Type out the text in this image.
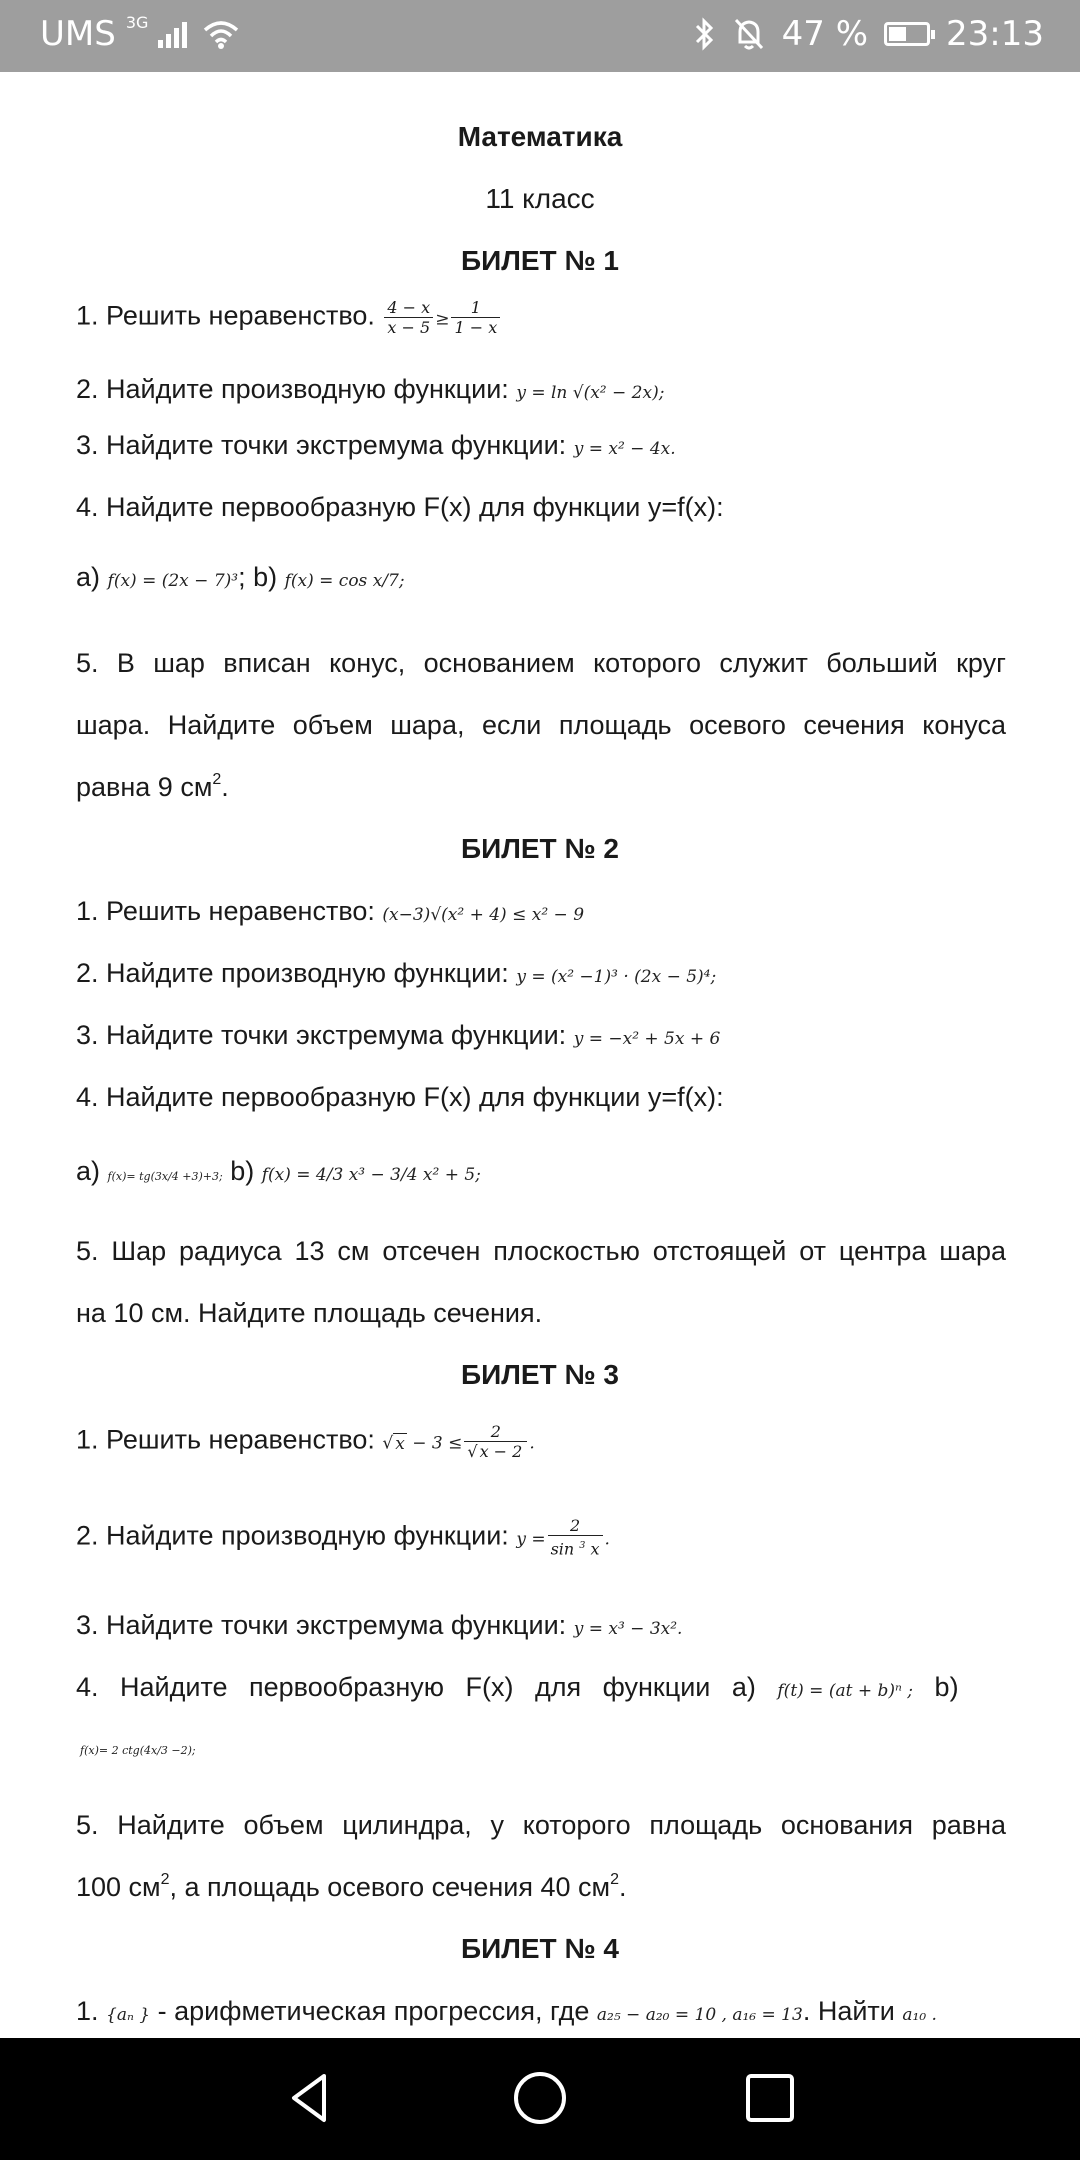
UMS 3G	47 % 23:13
Математика
11 класс
БИЛЕТ № 1
1. Решить неравенство. $\frac{4 - x}{x - 5} \ge \frac{1}{1 - x}$
2. Найдите производную функции: y = ln √(x² − 2x);
3. Найдите точки экстремума функции: y = x² − 4x.
4. Найдите первообразную F(x) для функции y=f(x):
а) f(x) = (2x − 7)³; b) f(x) = cos x/7;
5. В шар вписан конус, основанием которого служит больший круг
шара. Найдите объем шара, если площадь осевого сечения конуса
равна 9 $см^2$.
БИЛЕТ № 2
1. Решить неравенство: (x−3)√(x² + 4) ≤ x² − 9
2. Найдите производную функции: y = (x² −1)³ · (2x − 5)⁴;
3. Найдите точки экстремума функции: y = −x² + 5x + 6
4. Найдите первообразную F(x) для функции y=f(x):
а) f(x)= tg(3x/4 +3)+3; b) f(x) = 4/3 x³ − 3/4 x² + 5;
5. Шар радиуса 13 см отсечен плоскостью отстоящей от центра шара
на 10 см. Найдите площадь сечения.
БИЛЕТ № 3
1. Решить неравенство: √ $x - 3 \le \frac{2}{√ x - 2}$ .
2. Найдите производную функции: $y = \frac{2}{\sin ^3 x}$ .
3. Найдите точки экстремума функции: y = x³ − 3x².
4. Найдите первообразную F(x) для функции а) f(t) = (at + b)ⁿ ; b)
f(x)= 2 ctg(4x/3 −2);
5. Найдите объем цилиндра, у которого площадь основания равна
100 $см^2$, а площадь осевого сечения 40 $см^2$.
БИЛЕТ № 4
1. {aₙ } - арифметическая прогрессия, где a₂₅ − a₂₀ = 10 , a₁₆ = 13. Найти a₁₀ .
